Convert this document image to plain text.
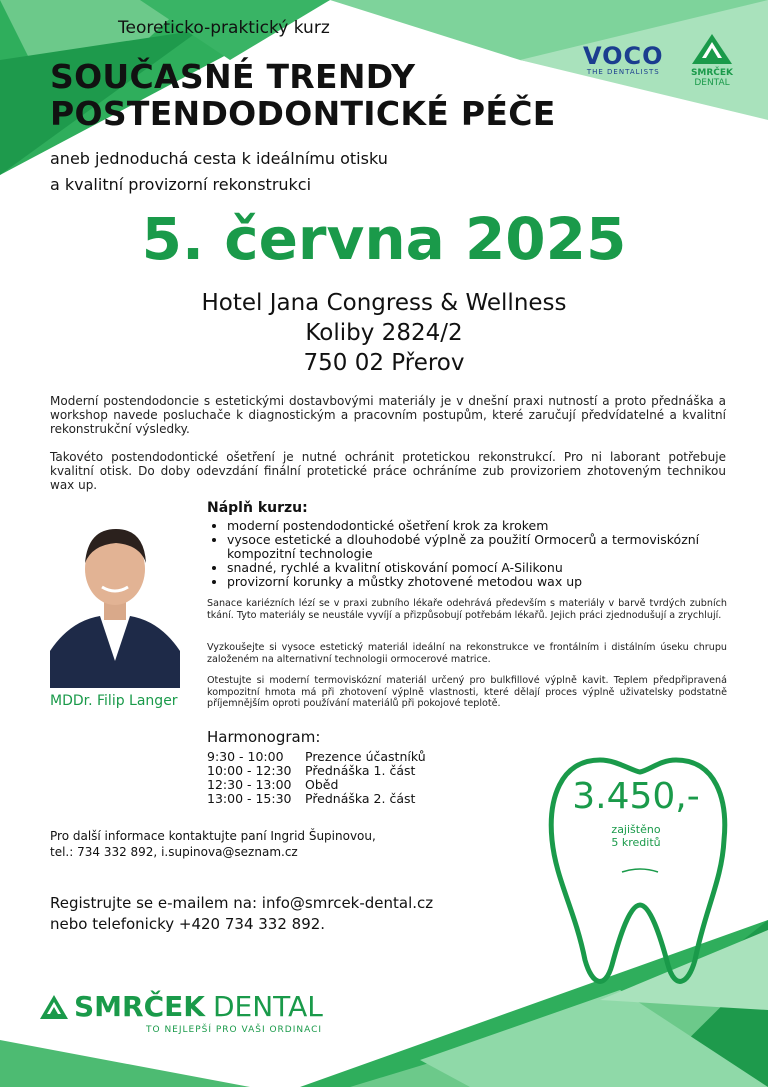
Teoreticko-praktický kurz
SOUČASNÉ TRENDY
POSTENDODONTICKÉ PÉČE
aneb jednoduchá cesta k ideálnímu otisku
a kvalitní provizorní rekonstrukci
VOCO
THE DENTALISTS	SMRČEK
DENTAL
5. června 2025
Hotel Jana Congress & Wellness
Koliby 2824/2
750 02 Přerov
Moderní postendodoncie s estetickými dostavbovými materiály je v dnešní praxi nutností a proto přednáška a workshop navede posluchače k diagnostickým a pracovním postupům, které zaručují předvídatelné a kvalitní rekonstrukční výsledky.
Takovéto postendodontické ošetření je nutné ochránit protetickou rekonstrukcí. Pro ni laborant potřebuje kvalitní otisk. Do doby odevzdání finální protetické práce ochráníme zub provizoriem zhotoveným technikou wax up.
MDDr. Filip Langer
Náplň kurzu:
• moderní postendodontické ošetření krok za krokem
• vysoce estetické a dlouhodobé výplně za použití Ormocerů a termoviskózní kompozitní technologie
• snadné, rychlé a kvalitní otiskování pomocí A-Silikonu
• provizorní korunky a můstky zhotovené metodou wax up
Sanace kariézních lézí se v praxi zubního lékaře odehrává především s materiály v barvě tvrdých zubních tkání. Tyto materiály se neustále vyvíjí a přizpůsobují potřebám lékařů. Jejich práci zjednodušují a zrychlují.
Vyzkoušejte si vysoce estetický materiál ideální na rekonstrukce ve frontálním i distálním úseku chrupu založeném na alternativní technologii ormocerové matrice.
Otestujte si moderní termoviskózní materiál určený pro bulkfillové výplně kavit. Teplem předpřipravená kompozitní hmota má při zhotovení výplně vlastnosti, které dělají proces výplně uživatelsky podstatně příjemnějším oproti používání materiálů při pokojové teplotě.
Harmonogram:
9:30 - 10:00	Prezence účastníků
10:00 - 12:30	Přednáška 1. část
12:30 - 13:00	Oběd
13:00 - 15:30	Přednáška 2. část	3.450,-
zajištěno
5 kreditů
Pro další informace kontaktujte paní Ingrid Šupinovou,
tel.: 734 332 892, i.supinova@seznam.cz
Registrujte se e-mailem na: info@smrcek-dental.cz
nebo telefonicky +420 734 332 892.
SMRČEK DENTAL
TO NEJLEPŠÍ PRO VAŠI ORDINACI
